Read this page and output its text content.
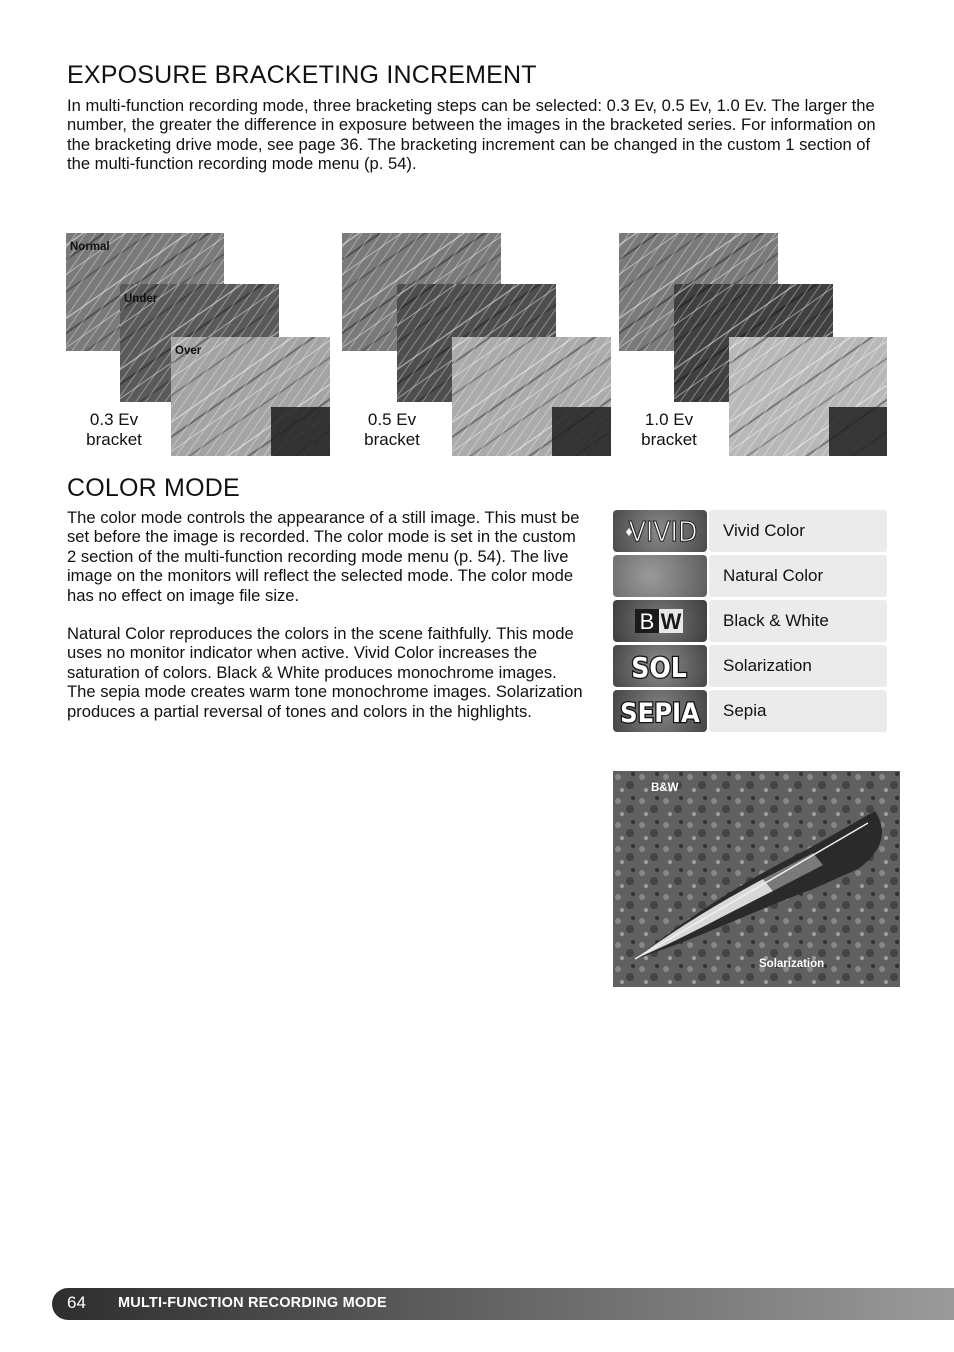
EXPOSURE BRACKETING INCREMENT

In multi-function recording mode, three bracketing steps can be selected: 0.3 Ev, 0.5 Ev, 1.0 Ev. The larger the number, the greater the difference in exposure between the images in the bracketed series. For information on the bracketing drive mode, see page 36. The bracketing increment can be changed in the custom 1 section of the multi-function recording mode menu (p. 54).

Normal
Under
Over
0.3 Ev
bracket
0.5 Ev
bracket
1.0 Ev
bracket
COLOR MODE

The color mode controls the appearance of a still image. This must be set before the image is recorded. The color mode is set in the custom 2 section of the multi-function recording mode menu (p. 54). The live image on the monitors will reflect the selected mode. The color mode has no effect on image file size.

Natural Color reproduces the colors in the scene faithfully. This mode uses no monitor indicator when active. Vivid Color increases the saturation of colors. Black & White produces monochrome images. The sepia mode creates warm tone monochrome images. Solarization produces a partial reversal of tones and colors in the highlights.

VIVID	Vivid Color
Natural Color
B W	Black & White
SOL	Solarization
SEPIA	Sepia
B&W
Solarization
64 MULTI-FUNCTION RECORDING MODE
